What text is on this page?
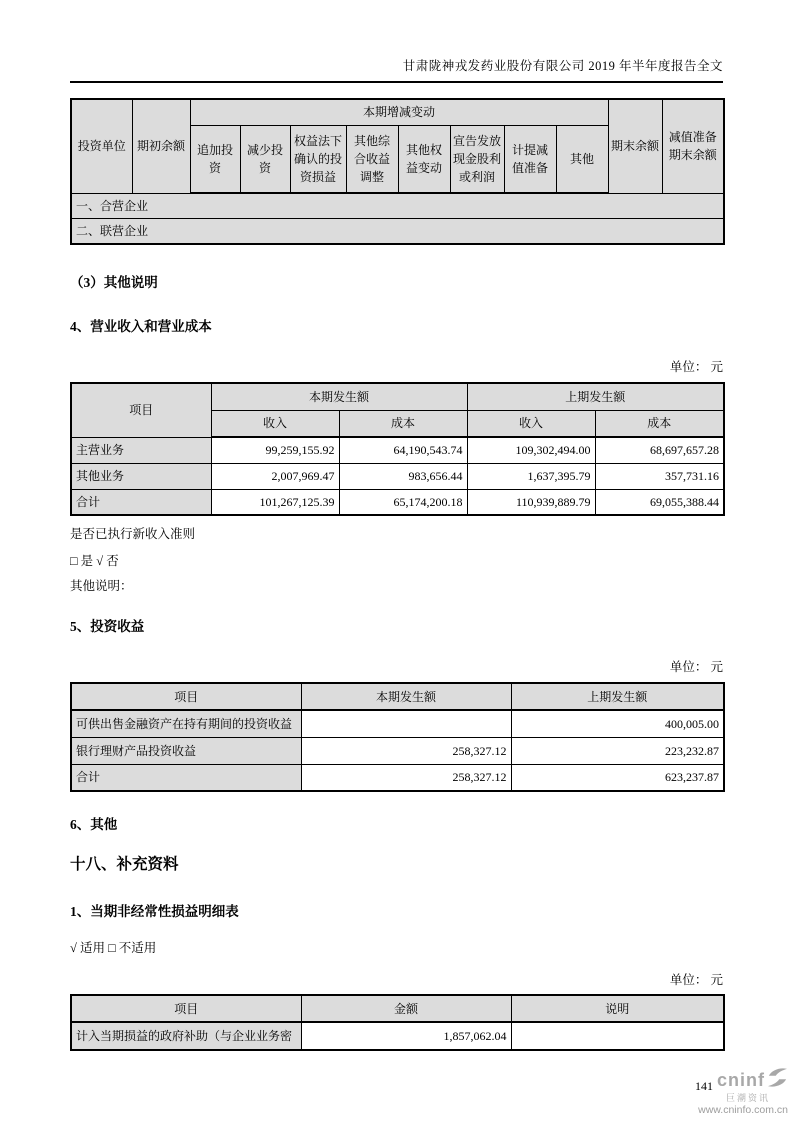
甘肃陇神戎发药业股份有限公司 2019 年半年度报告全文
投资单位	期初余额	本期增减变动								期末余额	减值准备期末余额
		追加投资	减少投资	权益法下确认的投资损益	其他综合收益调整	其他权益变动	宣告发放现金股利或利润	计提减值准备	其他		
一、合营企业											
二、联营企业											
（3）其他说明
4、营业收入和营业成本
单位： 元
项目	本期发生额		上期发生额	
	收入	成本	收入	成本
主营业务	99,259,155.92	64,190,543.74	109,302,494.00	68,697,657.28
其他业务	2,007,969.47	983,656.44	1,637,395.79	357,731.16
合计	101,267,125.39	65,174,200.18	110,939,889.79	69,055,388.44
是否已执行新收入准则
□ 是 √ 否
其他说明：
5、投资收益
单位： 元
项目	本期发生额	上期发生额
可供出售金融资产在持有期间的投资收益		400,005.00
银行理财产品投资收益	258,327.12	223,232.87
合计	258,327.12	623,237.87
6、其他
十八、补充资料
1、当期非经常性损益明细表
√ 适用 □ 不适用
单位： 元
项目	金额	说明
计入当期损益的政府补助（与企业业务密	1,857,062.04	
141 cninf
巨潮资讯
www.cninfo.com.cn
